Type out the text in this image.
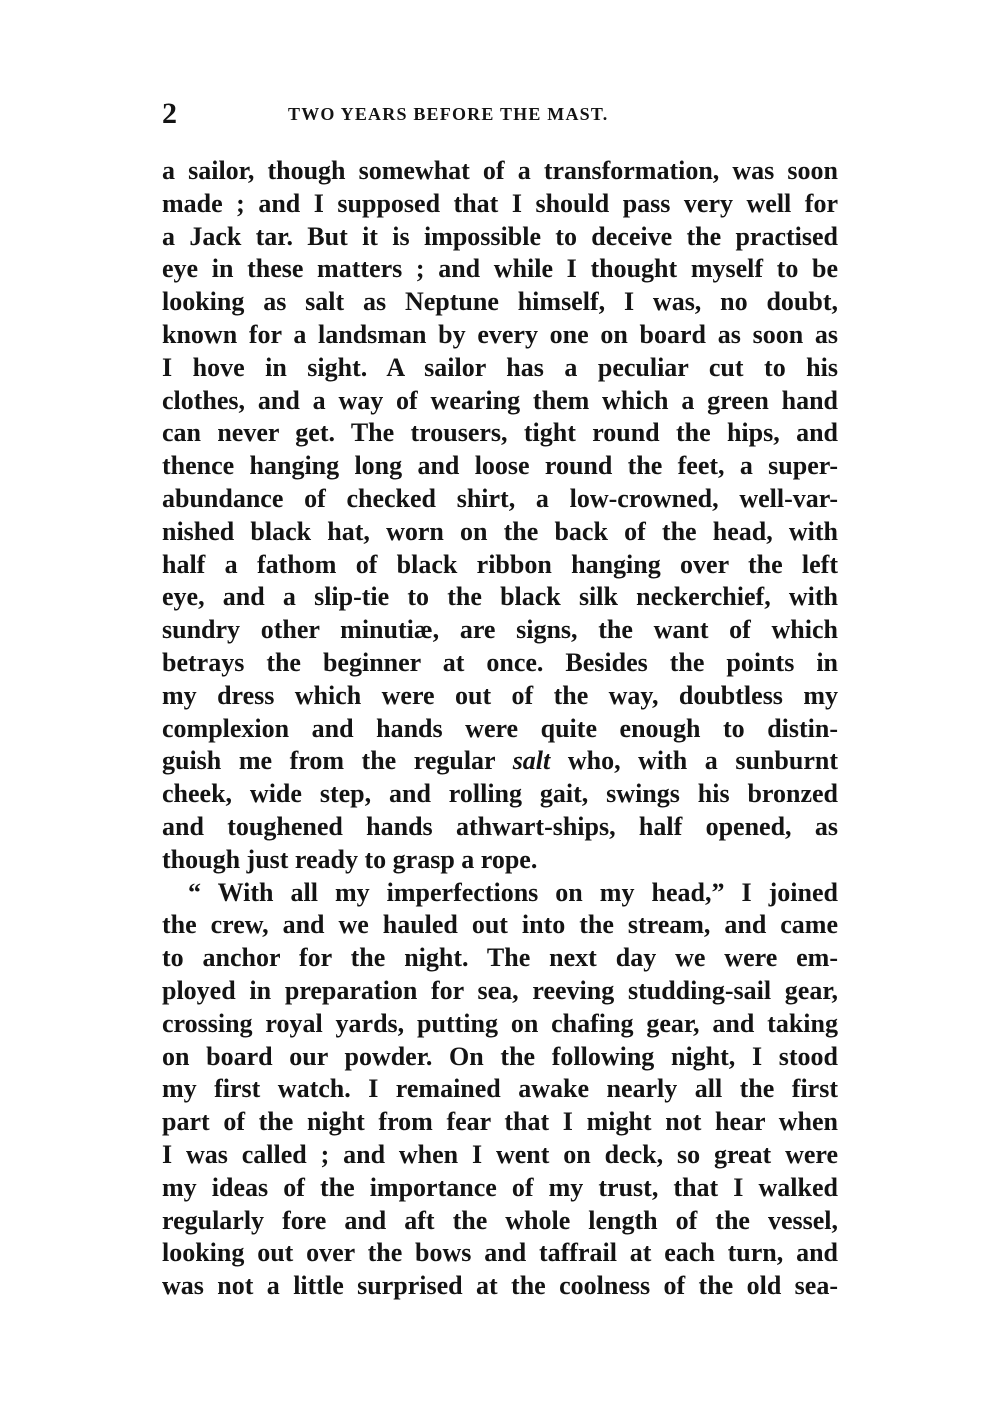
2	TWO YEARS BEFORE THE MAST.
a sailor, though somewhat of a transformation, was soon
made ; and I supposed that I should pass very well for
a Jack tar. But it is impossible to deceive the practised
eye in these matters ; and while I thought myself to be
looking as salt as Neptune himself, I was, no doubt,
known for a landsman by every one on board as soon as
I hove in sight. A sailor has a peculiar cut to his
clothes, and a way of wearing them which a green hand
can never get. The trousers, tight round the hips, and
thence hanging long and loose round the feet, a super-
abundance of checked shirt, a low-crowned, well-var-
nished black hat, worn on the back of the head, with
half a fathom of black ribbon hanging over the left
eye, and a slip-tie to the black silk neckerchief, with
sundry other minutiæ, are signs, the want of which
betrays the beginner at once. Besides the points in
my dress which were out of the way, doubtless my
complexion and hands were quite enough to distin-
guish me from the regular salt who, with a sunburnt
cheek, wide step, and rolling gait, swings his bronzed
and toughened hands athwart-ships, half opened, as
though just ready to grasp a rope.
“ With all my imperfections on my head,” I joined
the crew, and we hauled out into the stream, and came
to anchor for the night. The next day we were em-
ployed in preparation for sea, reeving studding-sail gear,
crossing royal yards, putting on chafing gear, and taking
on board our powder. On the following night, I stood
my first watch. I remained awake nearly all the first
part of the night from fear that I might not hear when
I was called ; and when I went on deck, so great were
my ideas of the importance of my trust, that I walked
regularly fore and aft the whole length of the vessel,
looking out over the bows and taffrail at each turn, and
was not a little surprised at the coolness of the old sea-
